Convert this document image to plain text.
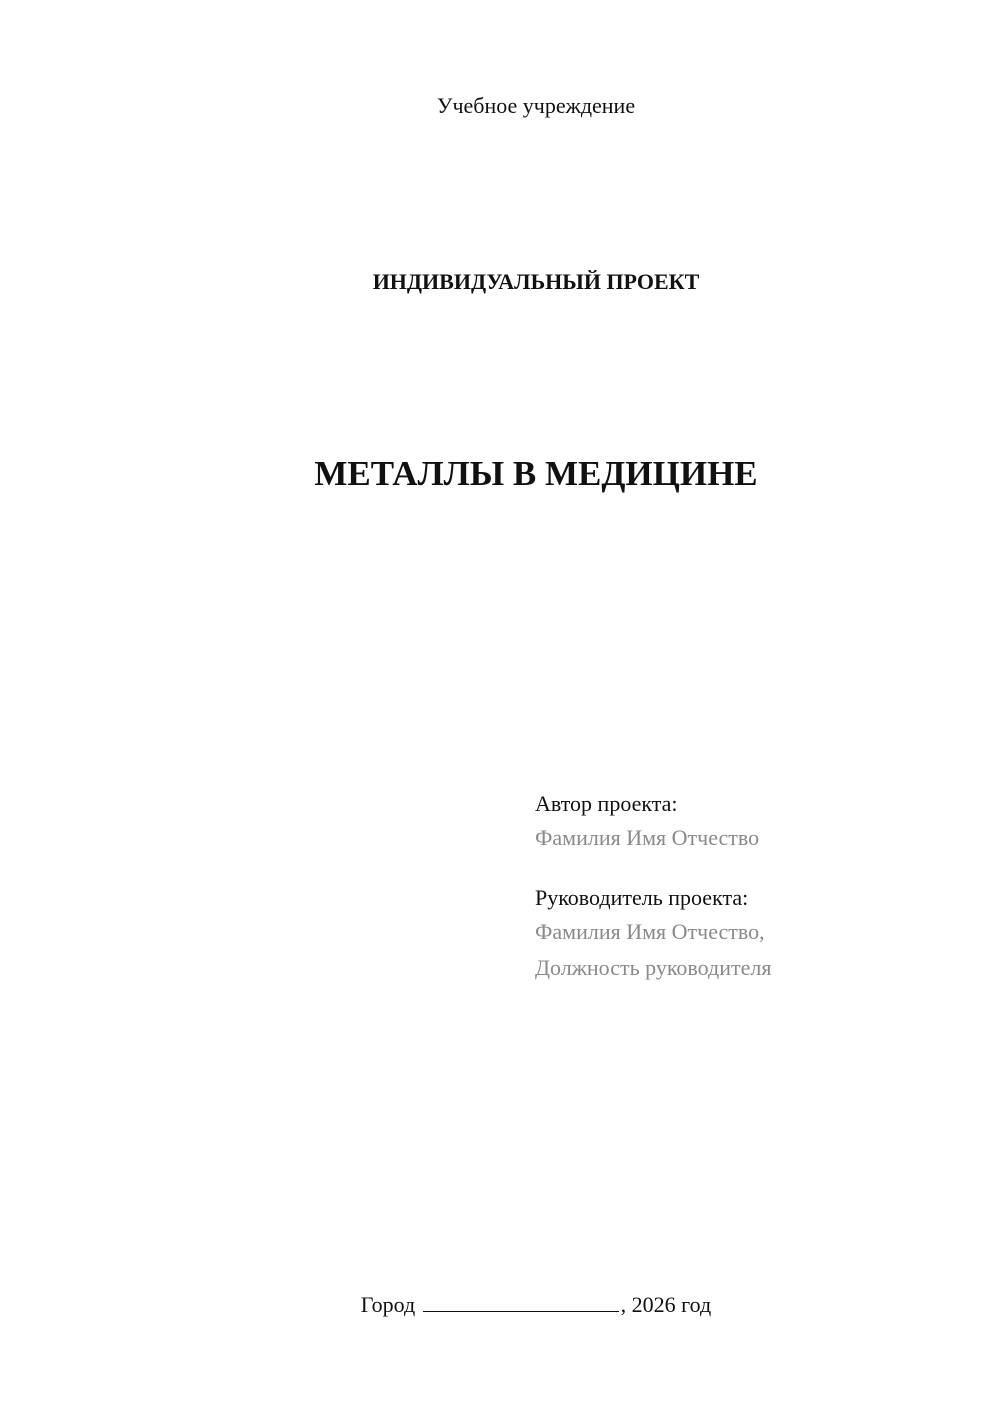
Учебное учреждение
ИНДИВИДУАЛЬНЫЙ ПРОЕКТ
МЕТАЛЛЫ В МЕДИЦИНЕ
Автор проекта:
Фамилия Имя Отчество
Руководитель проекта:
Фамилия Имя Отчество,
Должность руководителя
Город	, 2026 год
